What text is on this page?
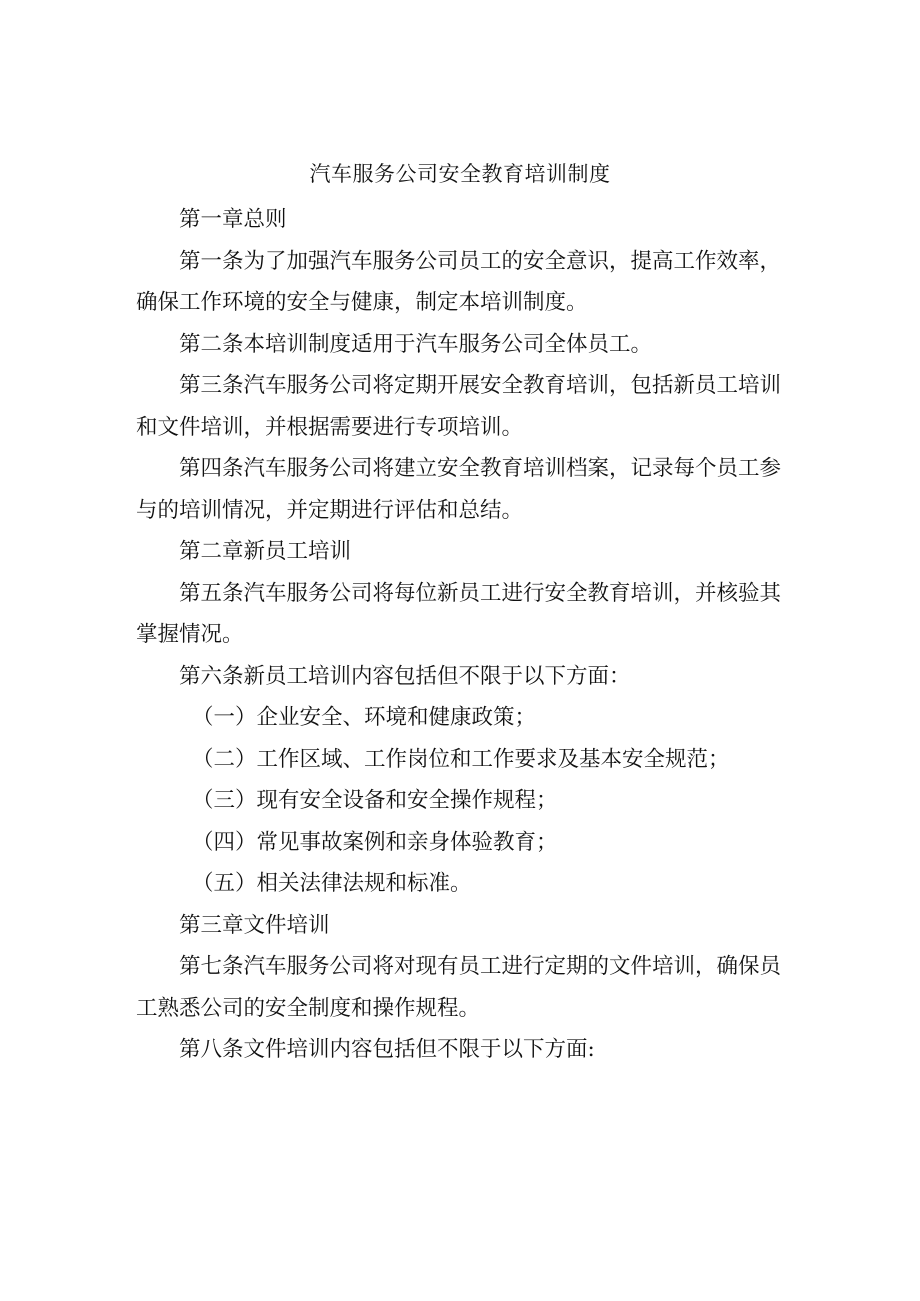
汽车服务公司安全教育培训制度
第一章总则
第一条为了加强汽车服务公司员工的安全意识，提高工作效率，
确保工作环境的安全与健康，制定本培训制度。
第二条本培训制度适用于汽车服务公司全体员工。
第三条汽车服务公司将定期开展安全教育培训，包括新员工培训
和文件培训，并根据需要进行专项培训。
第四条汽车服务公司将建立安全教育培训档案，记录每个员工参
与的培训情况，并定期进行评估和总结。
第二章新员工培训
第五条汽车服务公司将每位新员工进行安全教育培训，并核验其
掌握情况。
第六条新员工培训内容包括但不限于以下方面：
（一）企业安全、环境和健康政策；
（二）工作区域、工作岗位和工作要求及基本安全规范；
（三）现有安全设备和安全操作规程；
（四）常见事故案例和亲身体验教育；
（五）相关法律法规和标准。
第三章文件培训
第七条汽车服务公司将对现有员工进行定期的文件培训，确保员
工熟悉公司的安全制度和操作规程。
第八条文件培训内容包括但不限于以下方面:
